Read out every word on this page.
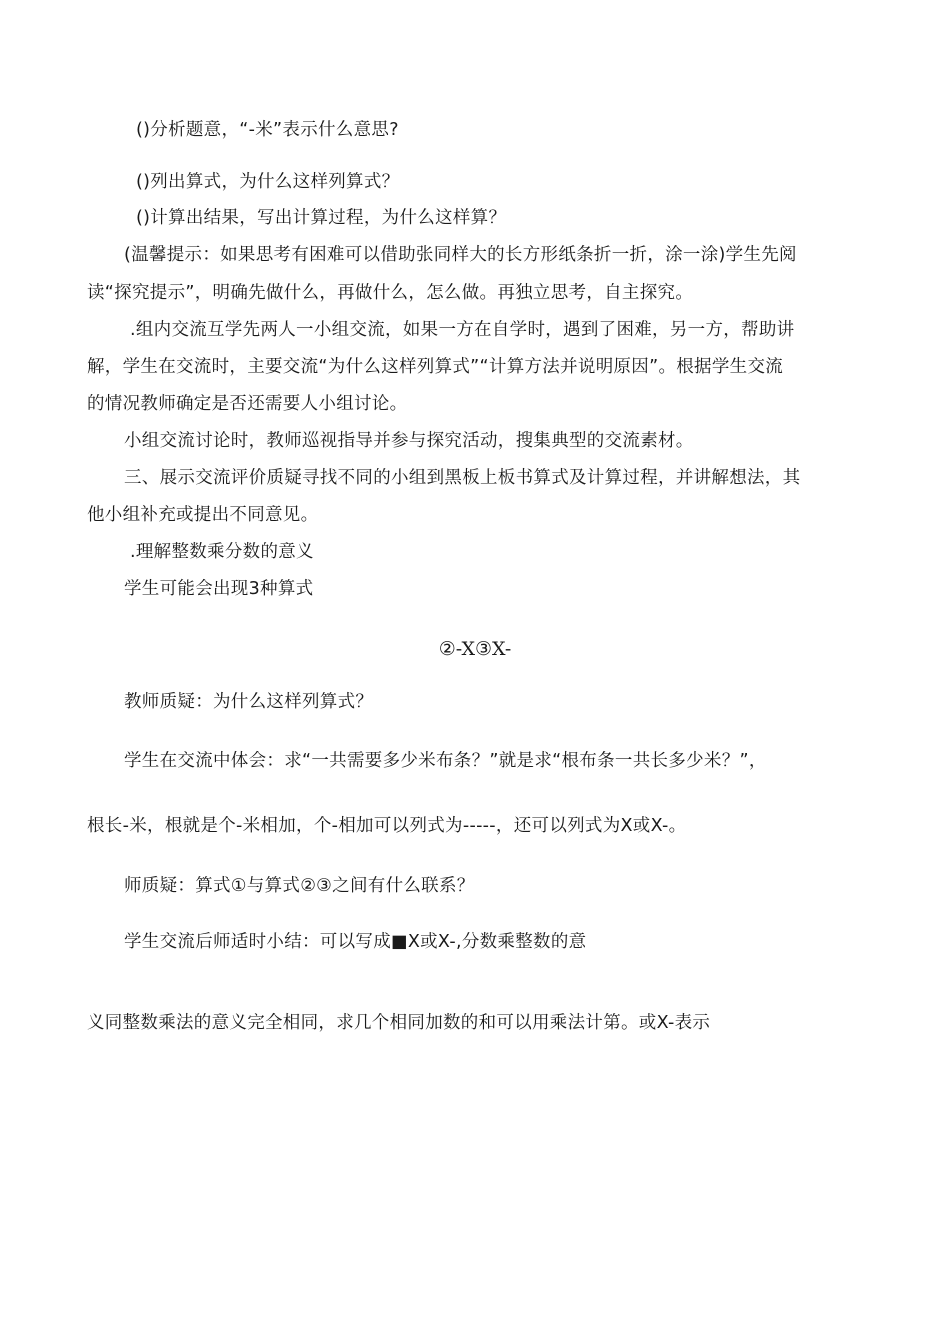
()分析题意，“-米”表示什么意思?
()列出算式，为什么这样列算式？
()计算出结果，写出计算过程，为什么这样算？
(温馨提示：如果思考有困难可以借助张同样大的长方形纸条折一折，涂一涂)学生先阅
读“探究提示”，明确先做什么，再做什么，怎么做。再独立思考，自主探究。
.组内交流互学先两人一小组交流，如果一方在自学时，遇到了困难，另一方，帮助讲
解，学生在交流时，主要交流“为什么这样列算式”“计算方法并说明原因”。根据学生交流
的情况教师确定是否还需要人小组讨论。
小组交流讨论时，教师巡视指导并参与探究活动，搜集典型的交流素材。
三、展示交流评价质疑寻找不同的小组到黑板上板书算式及计算过程，并讲解想法，其
他小组补充或提出不同意见。
.理解整数乘分数的意义
学生可能会出现3种算式
②-X③X-
教师质疑：为什么这样列算式？
学生在交流中体会：求“一共需要多少米布条？”就是求“根布条一共长多少米？”，
根长-米，根就是个-米相加，个-相加可以列式为-----，还可以列式为X或X-。
师质疑：算式①与算式②③之间有什么联系？
学生交流后师适时小结：可以写成■X或X-,分数乘整数的意
义同整数乘法的意义完全相同，求几个相同加数的和可以用乘法计第。或X-表示
